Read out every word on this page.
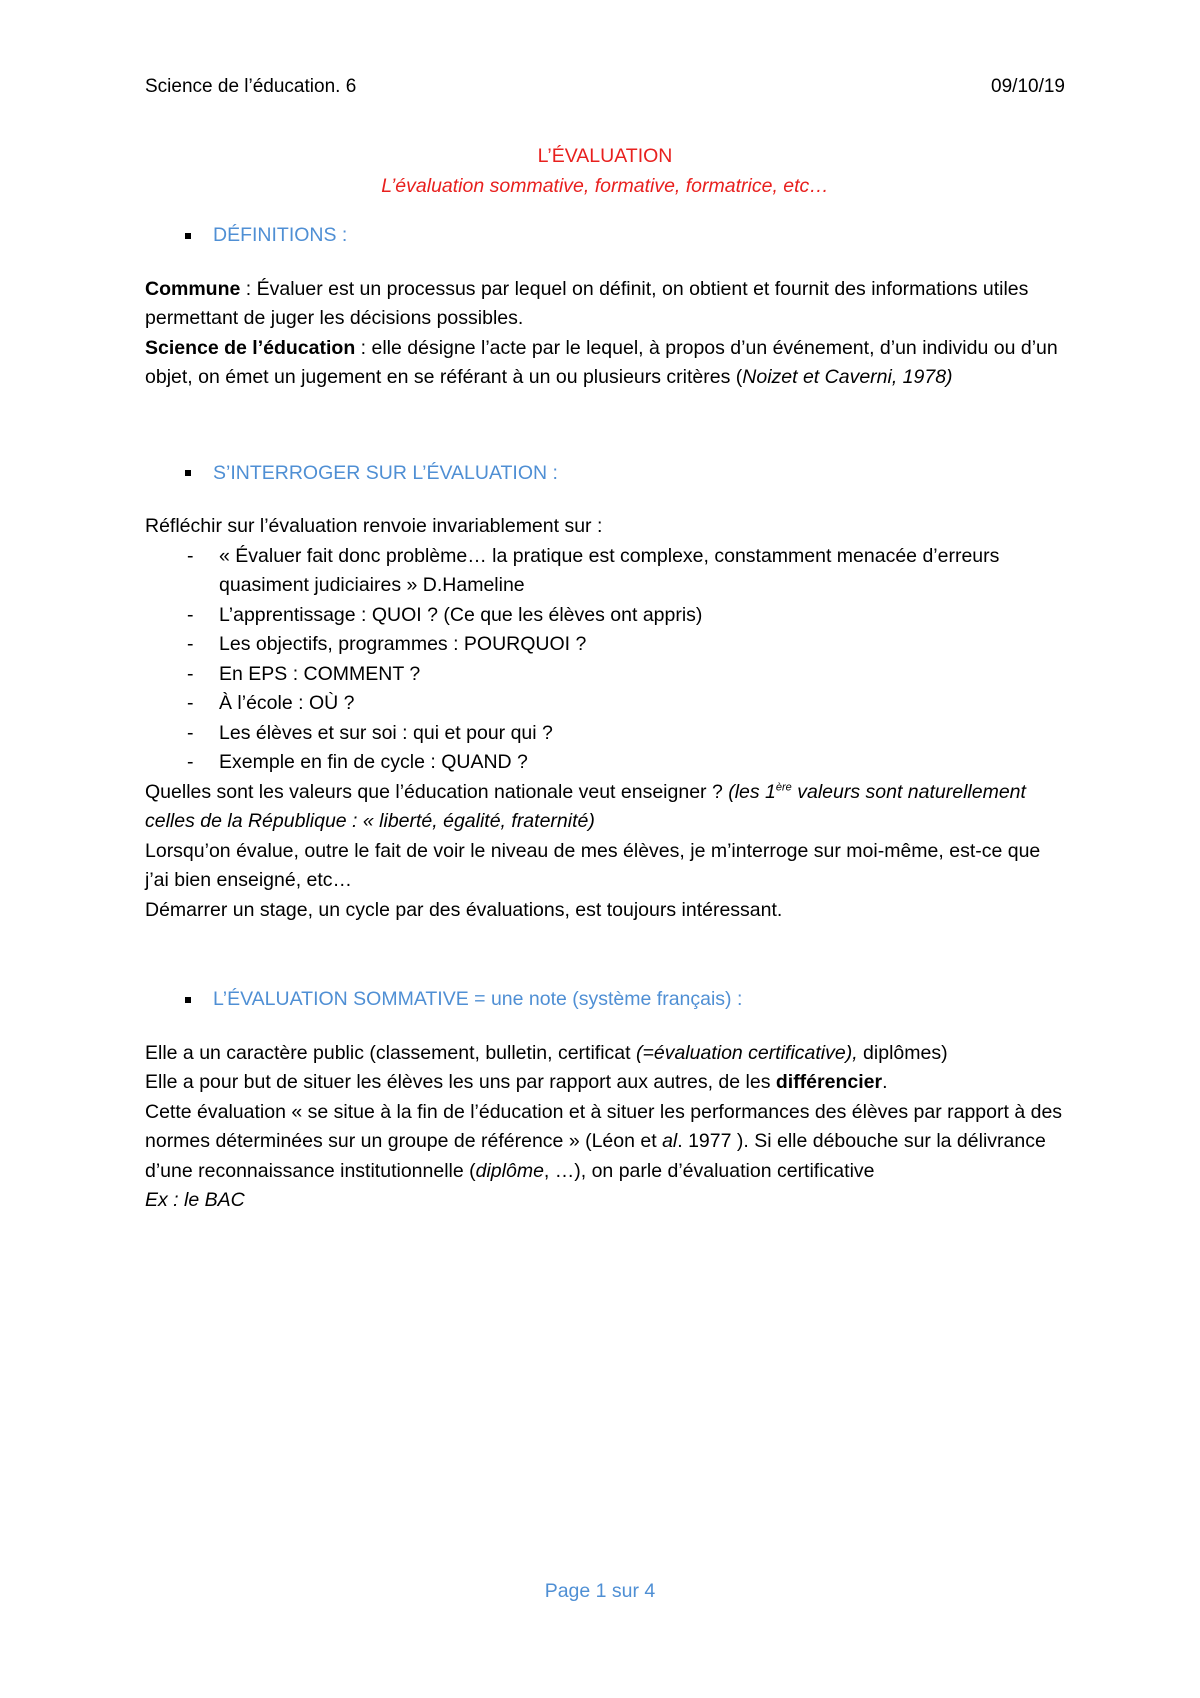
Science de l’éducation. 6	09/10/19
L’ÉVALUATION
L’évaluation sommative, formative, formatrice, etc…
DÉFINITIONS :

Commune : Évaluer est un processus par lequel on définit, on obtient et fournit des informations utiles permettant de juger les décisions possibles.

Science de l’éducation : elle désigne l’acte par le lequel, à propos d’un événement, d’un individu ou d’un objet, on émet un jugement en se référant à un ou plusieurs critères (Noizet et Caverni, 1978)

S’INTERROGER SUR L’ÉVALUATION :

Réfléchir sur l’évaluation renvoie invariablement sur :

- « Évaluer fait donc problème… la pratique est complexe, constamment menacée d’erreurs quasiment judiciaires » D.Hameline
- L’apprentissage : QUOI ? (Ce que les élèves ont appris)
- Les objectifs, programmes : POURQUOI ?
- En EPS : COMMENT ?
- À l’école : OÙ ?
- Les élèves et sur soi : qui et pour qui ?
- Exemple en fin de cycle : QUAND ?

Quelles sont les valeurs que l’éducation nationale veut enseigner ? (les 1ère valeurs sont naturellement celles de la République : « liberté, égalité, fraternité)

Lorsqu’on évalue, outre le fait de voir le niveau de mes élèves, je m’interroge sur moi-même, est-ce que j’ai bien enseigné, etc…

Démarrer un stage, un cycle par des évaluations, est toujours intéressant.

L’ÉVALUATION SOMMATIVE = une note (système français) :

Elle a un caractère public (classement, bulletin, certificat (=évaluation certificative), diplômes)

Elle a pour but de situer les élèves les uns par rapport aux autres, de les différencier.

Cette évaluation « se situe à la fin de l’éducation et à situer les performances des élèves par rapport à des normes déterminées sur un groupe de référence » (Léon et al. 1977 ). Si elle débouche sur la délivrance d’une reconnaissance institutionnelle (diplôme, …), on parle d’évaluation certificative

Ex : le BAC

Page 1 sur 4
